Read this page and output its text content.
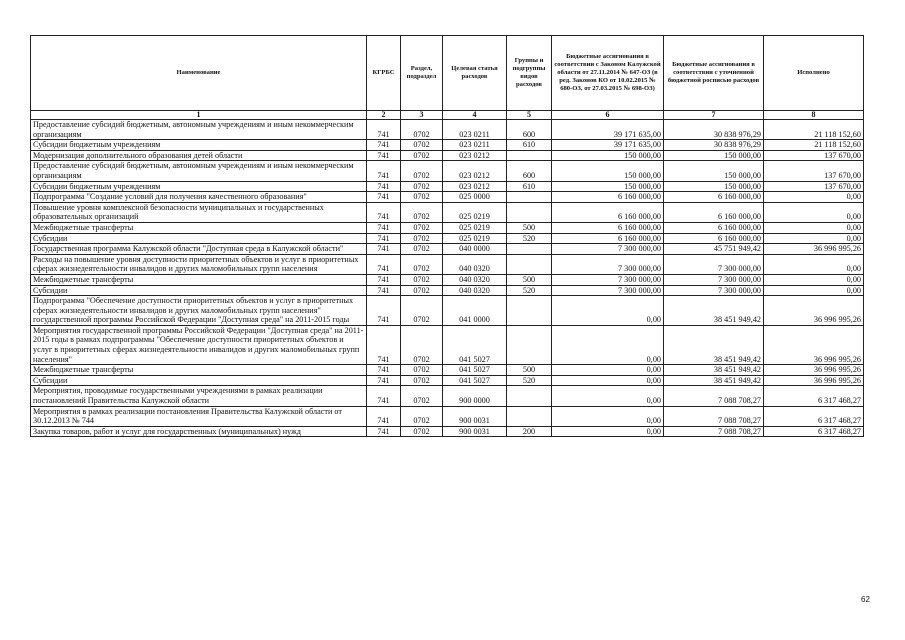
Наименование	КГРБС	Раздел, подраздел	Целевая статья расходов	Группы и подгруппы видов расходов	Бюджетные ассигнования в соответствии с Законом Калужской области от 27.11.2014 № 647-ОЗ (в ред. Законов КО от 10.02.2015 № 680-ОЗ, от 27.03.2015 № 698-ОЗ)	Бюджетные ассигнования в соответствии с уточненной бюджетной росписью расходов	Исполнено
1	2	3	4	5	6	7	8
Предоставление субсидий бюджетным, автономным учреждениям и иным некоммерческим организациям	741	0702	023 0211	600	39 171 635,00	30 838 976,29	21 118 152,60
Субсидии бюджетным учреждениям	741	0702	023 0211	610	39 171 635,00	30 838 976,29	21 118 152,60
Модернизация дополнительного образования детей области	741	0702	023 0212		150 000,00	150 000,00	137 670,00
Предоставление субсидий бюджетным, автономным учреждениям и иным некоммерческим организациям	741	0702	023 0212	600	150 000,00	150 000,00	137 670,00
Субсидии бюджетным учреждениям	741	0702	023 0212	610	150 000,00	150 000,00	137 670,00
Подпрограмма "Создание условий для получения качественного образования"	741	0702	025 0000		6 160 000,00	6 160 000,00	0,00
Повышение уровня комплексной безопасности муниципальных и государственных образовательных организаций	741	0702	025 0219		6 160 000,00	6 160 000,00	0,00
Межбюджетные трансферты	741	0702	025 0219	500	6 160 000,00	6 160 000,00	0,00
Субсидии	741	0702	025 0219	520	6 160 000,00	6 160 000,00	0,00
Государственная программа Калужской области "Доступная среда в Калужской области"	741	0702	040 0000		7 300 000,00	45 751 949,42	36 996 995,26
Расходы на повышение уровня доступности приоритетных объектов и услуг в приоритетных сферах жизнедеятельности инвалидов и других маломобильных групп населения	741	0702	040 0320		7 300 000,00	7 300 000,00	0,00
Межбюджетные трансферты	741	0702	040 0320	500	7 300 000,00	7 300 000,00	0,00
Субсидии	741	0702	040 0320	520	7 300 000,00	7 300 000,00	0,00
Подпрограмма "Обеспечение доступности приоритетных объектов и услуг в приоритетных сферах жизнедеятельности инвалидов и других маломобильных групп населения" государственной программы Российской Федерации "Доступная среда" на 2011-2015 годы	741	0702	041 0000		0,00	38 451 949,42	36 996 995,26
Мероприятия государственной программы Российской Федерации "Доступная среда" на 2011-2015 годы в рамках подпрограммы "Обеспечение доступности приоритетных объектов и услуг в приоритетных сферах жизнедеятельности инвалидов и других маломобильных групп населения"	741	0702	041 5027		0,00	38 451 949,42	36 996 995,26
Межбюджетные трансферты	741	0702	041 5027	500	0,00	38 451 949,42	36 996 995,26
Субсидии	741	0702	041 5027	520	0,00	38 451 949,42	36 996 995,26
Мероприятия, проводимые государственными учреждениями в рамках реализации постановлений Правительства Калужской области	741	0702	900 0000		0,00	7 088 708,27	6 317 468,27
Мероприятия в рамках реализации постановления Правительства Калужской области от 30.12.2013 № 744	741	0702	900 0031		0,00	7 088 708,27	6 317 468,27
Закупка товаров, работ и услуг для государственных (муниципальных) нужд	741	0702	900 0031	200	0,00	7 088 708,27	6 317 468,27
62
